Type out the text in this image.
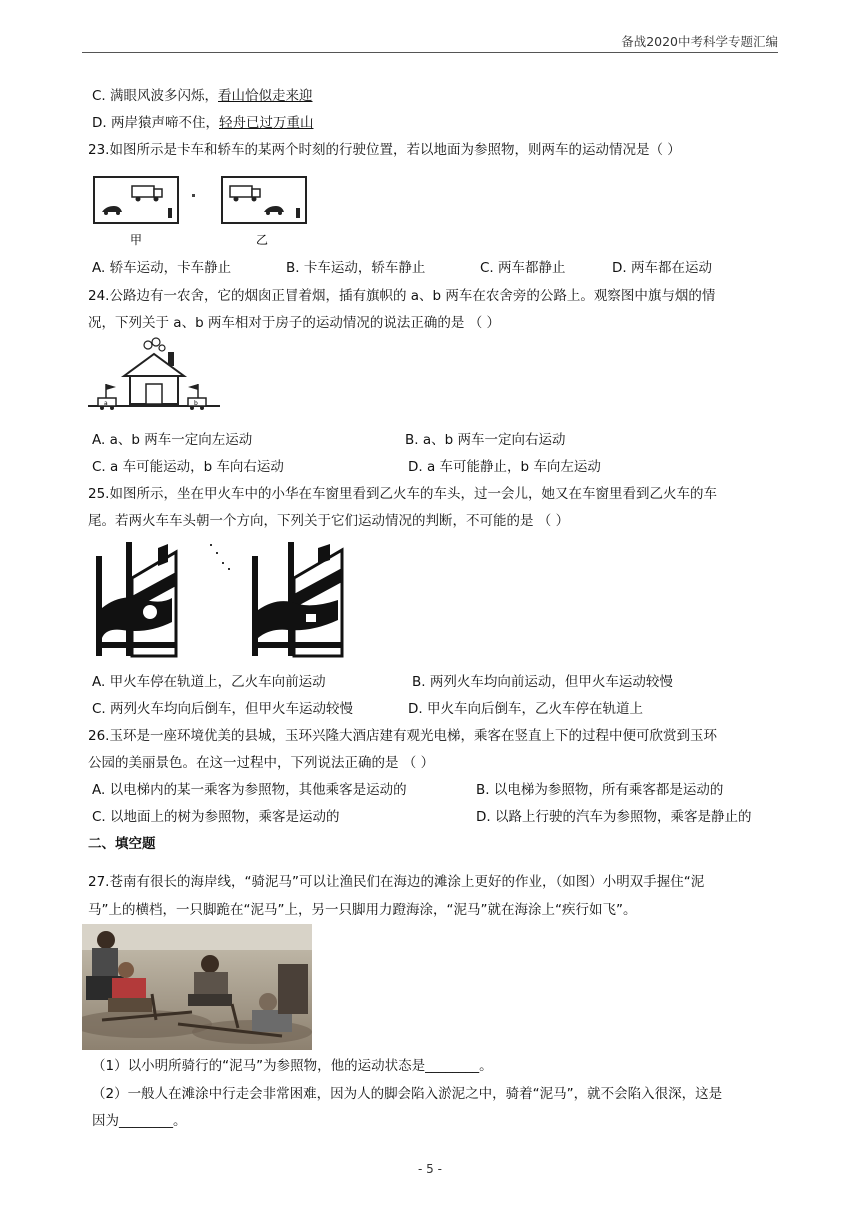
备战2020中考科学专题汇编
C. 满眼风波多闪烁，看山恰似走来迎
D. 两岸猿声啼不住，轻舟已过万重山
23.如图所示是卡车和轿车的某两个时刻的行驶位置，若以地面为参照物，则两车的运动情况是（ ）
甲	乙
A. 轿车运动，卡车静止	B. 卡车运动，轿车静止	C. 两车都静止	D. 两车都在运动
24.公路边有一农舍，它的烟囱正冒着烟，插有旗帜的 a、b 两车在农舍旁的公路上。观察图中旗与烟的情
况，下列关于 a、b 两车相对于房子的运动情况的说法正确的是 （ ）
a	b
A. a、b 两车一定向左运动	B. a、b 两车一定向右运动
C. a 车可能运动，b 车向右运动	D. a 车可能静止，b 车向左运动
25.如图所示，坐在甲火车中的小华在车窗里看到乙火车的车头，过一会儿，她又在车窗里看到乙火车的车
尾。若两火车车头朝一个方向，下列关于它们运动情况的判断，不可能的是 （ ）
A. 甲火车停在轨道上，乙火车向前运动	B. 两列火车均向前运动，但甲火车运动较慢
C. 两列火车均向后倒车，但甲火车运动较慢	D. 甲火车向后倒车，乙火车停在轨道上
26.玉环是一座环境优美的县城，玉环兴隆大酒店建有观光电梯，乘客在竖直上下的过程中便可欣赏到玉环
公园的美丽景色。在这一过程中，下列说法正确的是 （ ）
A. 以电梯内的某一乘客为参照物，其他乘客是运动的	B. 以电梯为参照物，所有乘客都是运动的
C. 以地面上的树为参照物，乘客是运动的	D. 以路上行驶的汽车为参照物，乘客是静止的
二、填空题
27.苍南有很长的海岸线，“骑泥马”可以让渔民们在海边的滩涂上更好的作业，（如图）小明双手握住“泥
马”上的横档，一只脚跪在“泥马”上，另一只脚用力蹬海涂，“泥马”就在海涂上“疾行如飞”。
（1）以小明所骑行的“泥马”为参照物，他的运动状态是________。
（2）一般人在滩涂中行走会非常困难，因为人的脚会陷入淤泥之中，骑着“泥马”，就不会陷入很深，这是
因为________。
- 5 -
